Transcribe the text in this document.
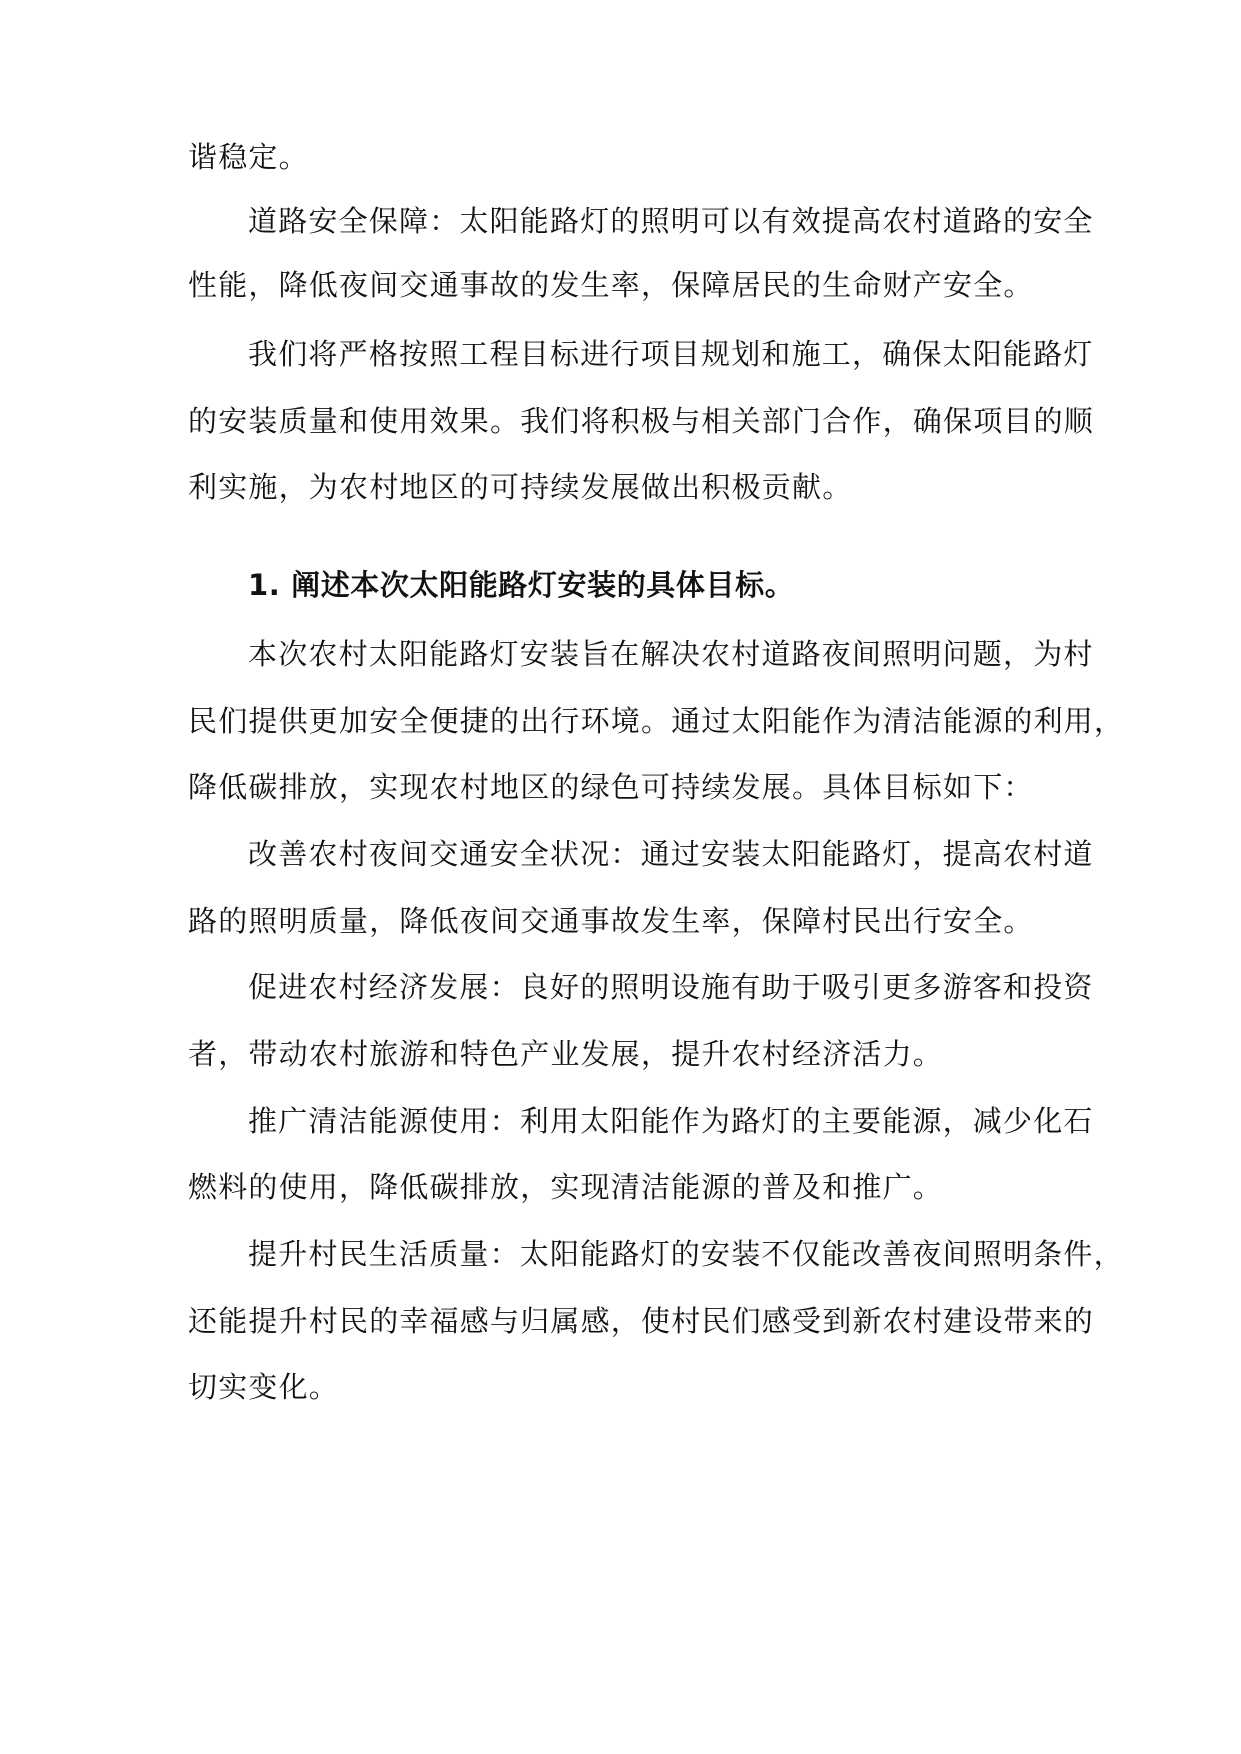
谐稳定。
道路安全保障：太阳能路灯的照明可以有效提高农村道路的安全
性能，降低夜间交通事故的发生率，保障居民的生命财产安全。
我们将严格按照工程目标进行项目规划和施工，确保太阳能路灯
的安装质量和使用效果。我们将积极与相关部门合作，确保项目的顺
利实施，为农村地区的可持续发展做出积极贡献。
1. 阐述本次太阳能路灯安装的具体目标。
本次农村太阳能路灯安装旨在解决农村道路夜间照明问题，为村
民们提供更加安全便捷的出行环境。通过太阳能作为清洁能源的利用，
降低碳排放，实现农村地区的绿色可持续发展。具体目标如下：
改善农村夜间交通安全状况：通过安装太阳能路灯，提高农村道
路的照明质量，降低夜间交通事故发生率，保障村民出行安全。
促进农村经济发展：良好的照明设施有助于吸引更多游客和投资
者，带动农村旅游和特色产业发展，提升农村经济活力。
推广清洁能源使用：利用太阳能作为路灯的主要能源，减少化石
燃料的使用，降低碳排放，实现清洁能源的普及和推广。
提升村民生活质量：太阳能路灯的安装不仅能改善夜间照明条件，
还能提升村民的幸福感与归属感，使村民们感受到新农村建设带来的
切实变化。
